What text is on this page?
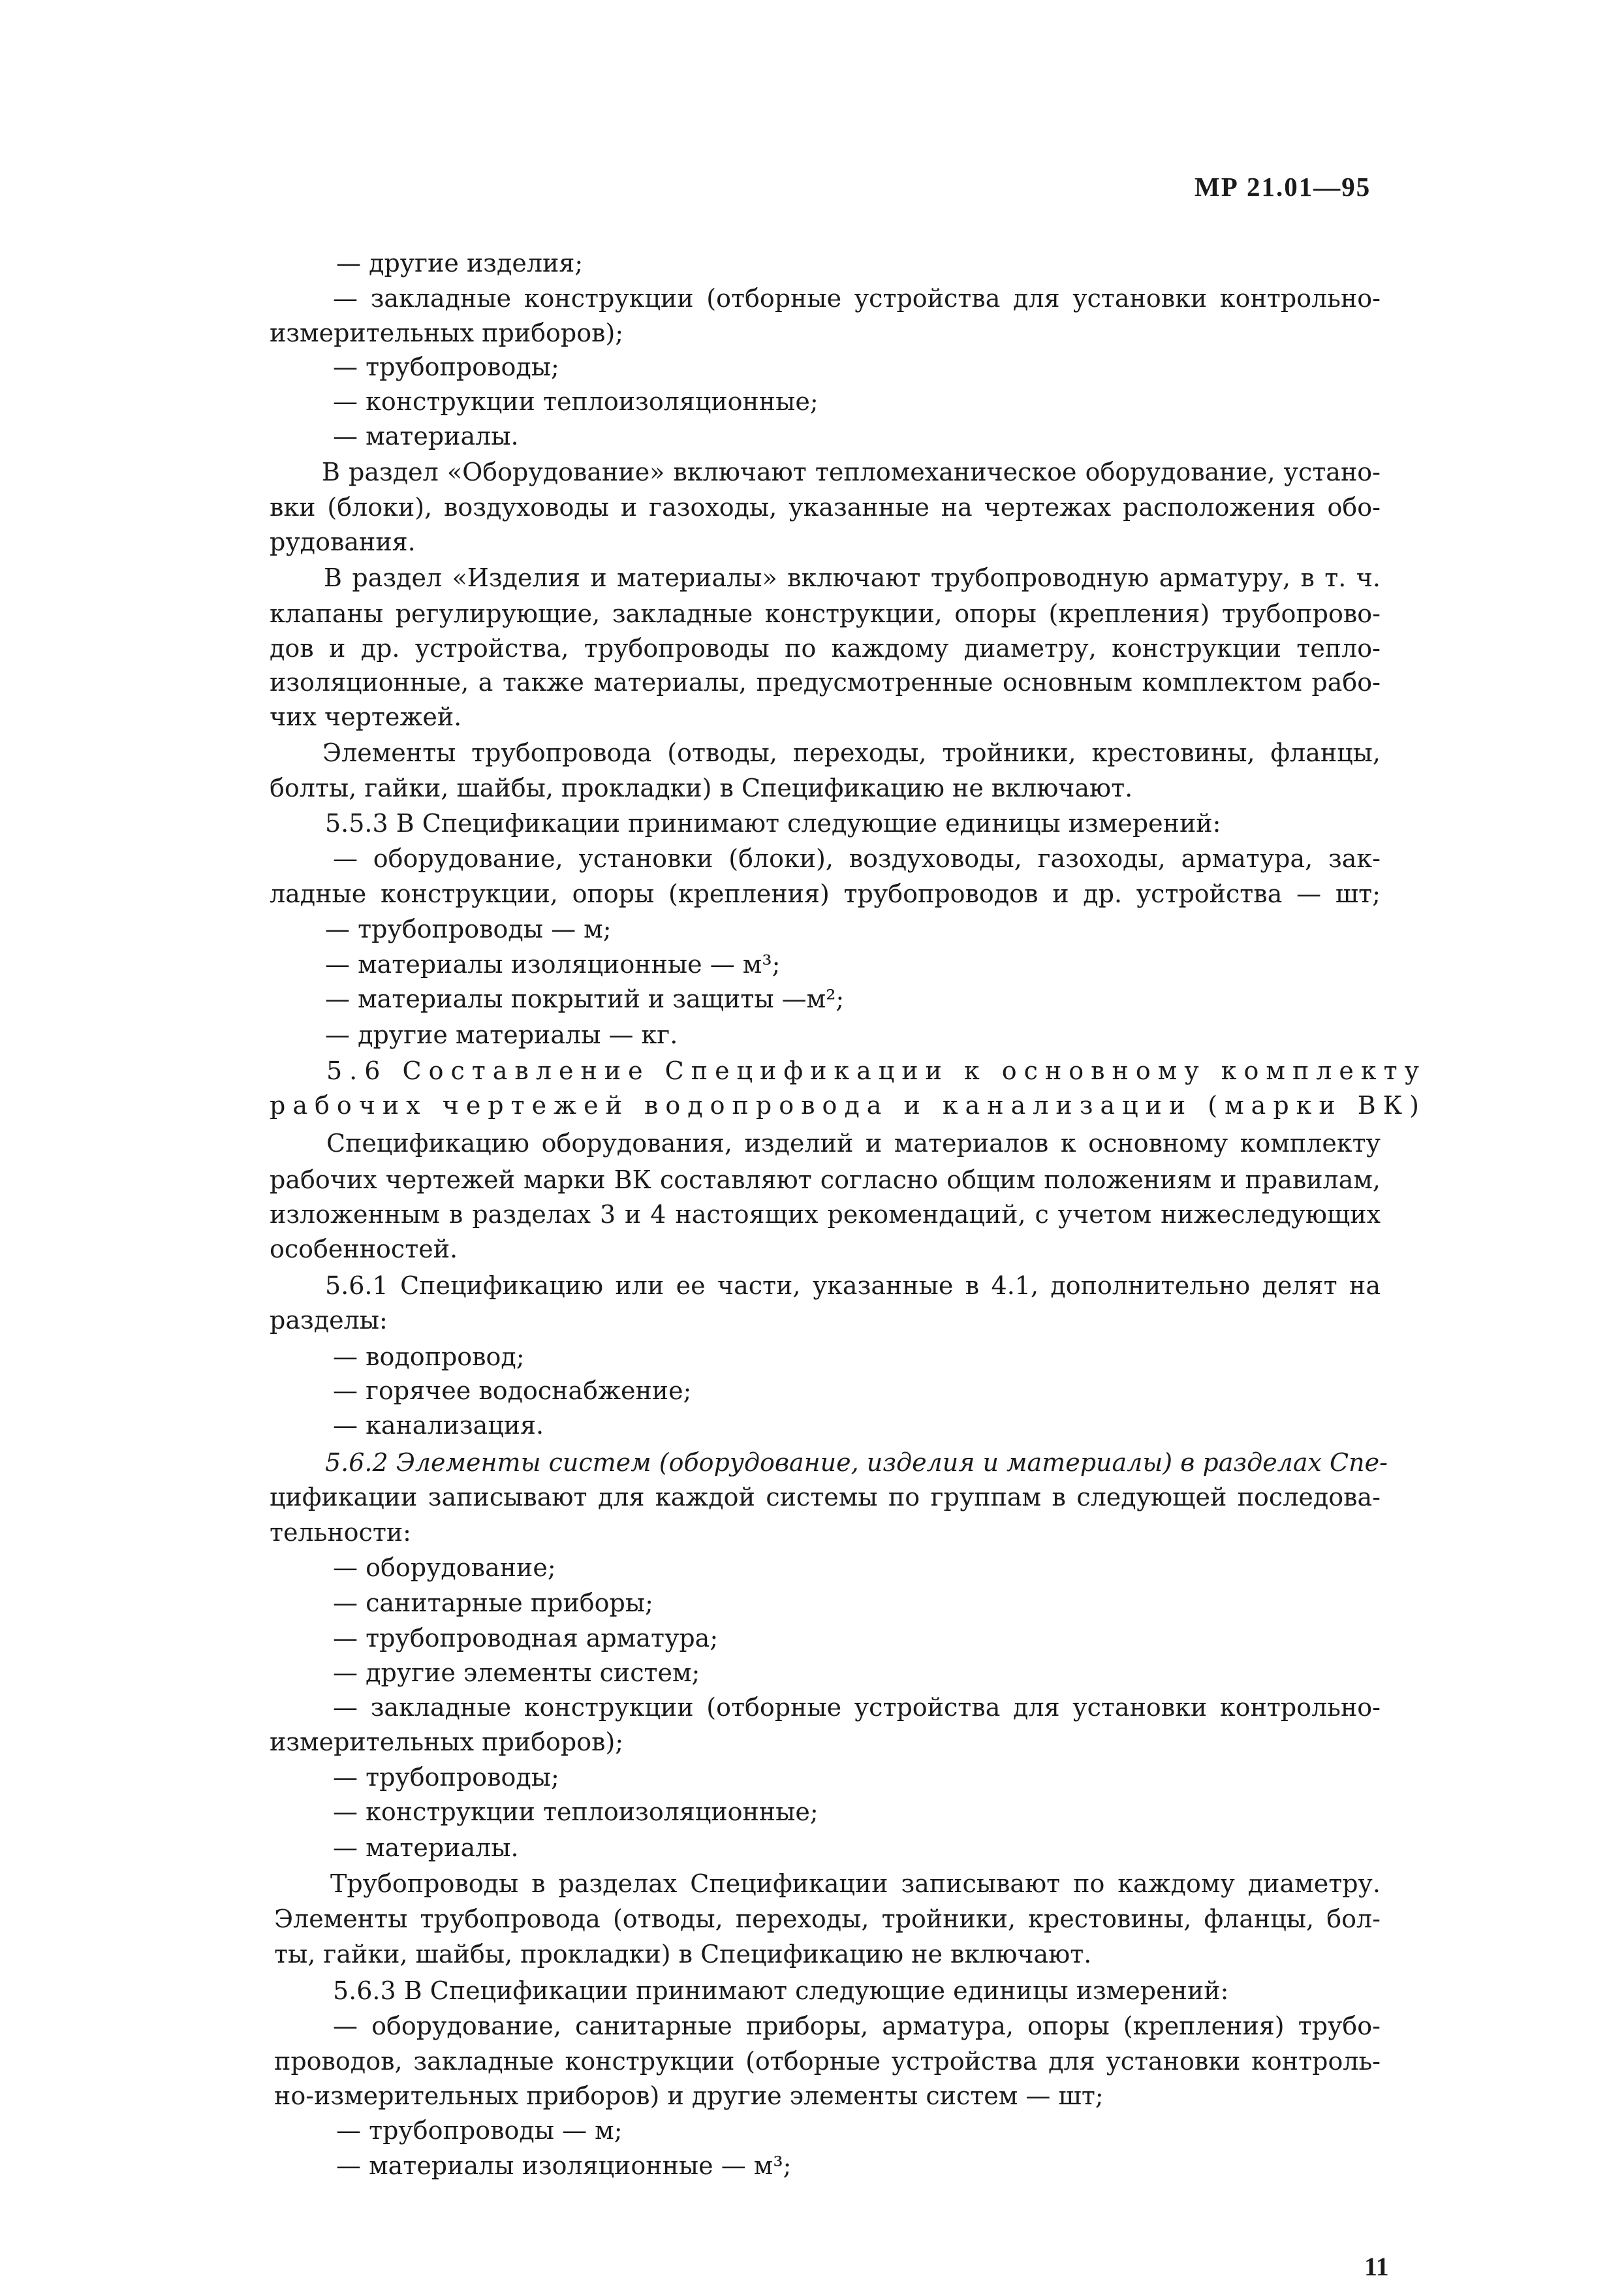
МР 21.01—95

— другие изделия;

— закладные конструкции (отборные устройства для установки контрольно-

измерительных приборов);

— трубопроводы;

— конструкции теплоизоляционные;

— материалы.

В раздел «Оборудование» включают тепломеханическое оборудование, устано-

вки (блоки), воздуховоды и газоходы, указанные на чертежах расположения обо-

рудования.

В раздел «Изделия и материалы» включают трубопроводную арматуру, в т. ч.

клапаны регулирующие, закладные конструкции, опоры (крепления) трубопрово-

дов и др. устройства, трубопроводы по каждому диаметру, конструкции тепло-

изоляционные, а также материалы, предусмотренные основным комплектом рабо-

чих чертежей.

Элементы трубопровода (отводы, переходы, тройники, крестовины, фланцы,

болты, гайки, шайбы, прокладки) в Спецификацию не включают.

5.5.3 В Спецификации принимают следующие единицы измерений:

— оборудование, установки (блоки), воздуховоды, газоходы, арматура, зак-

ладные конструкции, опоры (крепления) трубопроводов и др. устройства — шт;

— трубопроводы — м;

— материалы изоляционные — м³;

— материалы покрытий и защиты —м²;

— другие материалы — кг.

5.6 Составление Спецификации к основному комплекту

рабочих чертежей водопровода и канализации (марки ВК)

Спецификацию оборудования, изделий и материалов к основному комплекту

рабочих чертежей марки ВК составляют согласно общим положениям и правилам,

изложенным в разделах 3 и 4 настоящих рекомендаций, с учетом нижеследующих

особенностей.

5.6.1 Спецификацию или ее части, указанные в 4.1, дополнительно делят на

разделы:

— водопровод;

— горячее водоснабжение;

— канализация.

5.6.2 Элементы систем (оборудование, изделия и материалы) в разделах Спе-

цификации записывают для каждой системы по группам в следующей последова-

тельности:

— оборудование;

— санитарные приборы;

— трубопроводная арматура;

— другие элементы систем;

— закладные конструкции (отборные устройства для установки контрольно-

измерительных приборов);

— трубопроводы;

— конструкции теплоизоляционные;

— материалы.

Трубопроводы в разделах Спецификации записывают по каждому диаметру.

Элементы трубопровода (отводы, переходы, тройники, крестовины, фланцы, бол-

ты, гайки, шайбы, прокладки) в Спецификацию не включают.

5.6.3 В Спецификации принимают следующие единицы измерений:

— оборудование, санитарные приборы, арматура, опоры (крепления) трубо-

проводов, закладные конструкции (отборные устройства для установки контроль-

но-измерительных приборов) и другие элементы систем — шт;

— трубопроводы — м;

— материалы изоляционные — м³;

11
